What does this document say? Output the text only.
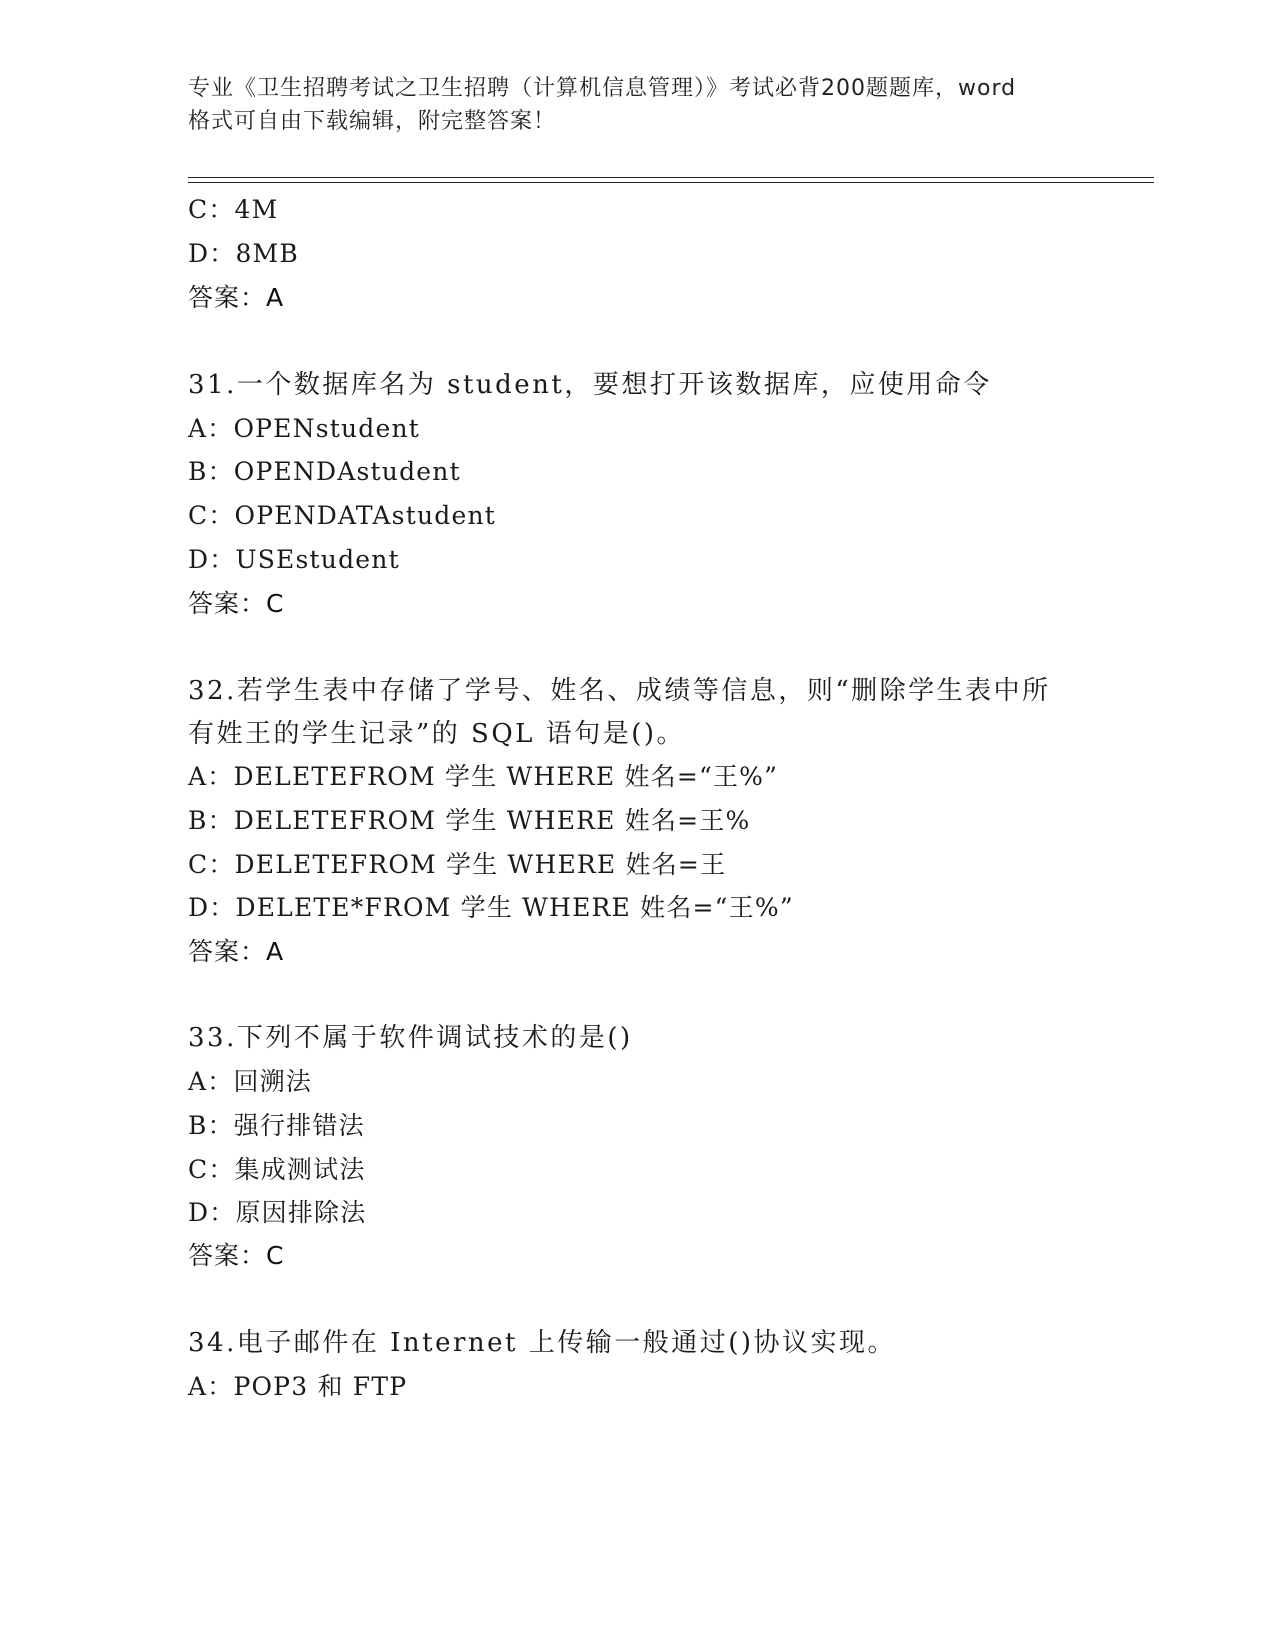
专业《卫生招聘考试之卫生招聘（计算机信息管理）》考试必背200题题库，word
格式可自由下载编辑，附完整答案！
C：4M
D：8MB
答案：A
31.一个数据库名为 student，要想打开该数据库，应使用命令
A：OPENstudent
B：OPENDAstudent
C：OPENDATAstudent
D：USEstudent
答案：C
32.若学生表中存储了学号、姓名、成绩等信息，则“删除学生表中所
有姓王的学生记录”的 SQL 语句是()。
A：DELETEFROM 学生 WHERE 姓名=“王%”
B：DELETEFROM 学生 WHERE 姓名=王%
C：DELETEFROM 学生 WHERE 姓名=王
D：DELETE*FROM 学生 WHERE 姓名=“王%”
答案：A
33.下列不属于软件调试技术的是()
A：回溯法
B：强行排错法
C：集成测试法
D：原因排除法
答案：C
34.电子邮件在 Internet 上传输一般通过()协议实现。
A：POP3 和 FTP
